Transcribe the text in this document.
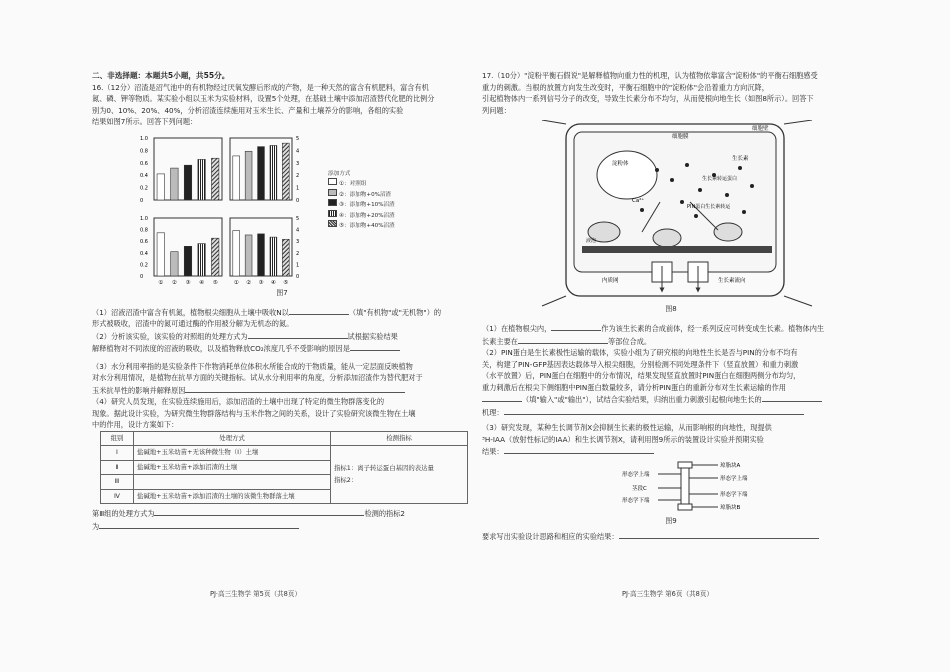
二、非选择题：本题共5小题，共55分。
16.（12分）沼渣是沼气池中的有机物经过厌氧发酵后形成的产物，是一种天然的富含有机肥料，富含有机
氮、磷、钾等物质。某实验小组以玉米为实验材料，设置5个处理，在基础土壤中添加沼渣替代化肥的比例分
别为0、10%、20%、40%，分析沼渣连续施用对玉米生长、产量和土壤养分的影响，各组的实验
结果如图7所示。回答下列问题：
1.0
0.8
0.6
0.4
0.2
0
5
4
3
2
1
0
1.0
0.8
0.6
0.4
0.2
0
5
4
3
2
1
0
① ② ③ ④ ⑤	① ② ③ ④ ⑤
添加方式
①：对照组
②：添加物+0%沼渣
③：添加物+10%沼渣
④：添加物+20%沼渣
⑤：添加物+40%沼渣
图7
（1）沼液沼渣中富含有机氮，植物根尖细胞从土壤中吸收N以	（填"有机物"或"无机物"）的
形式被吸收，沼渣中的氮可通过酶的作用被分解为无机态的氮。
（2）分析该实验，该实验的对照组的处理方式为	试根据实验结果
解释植物对不同浓度的沼液的吸收，以及植物释放CO₂浓度几乎不受影响的原因是
（3）水分利用率指的是实验条件下作物消耗单位体积水所能合成的干物质量，能从一定层面反映植物
对水分利用情况，是植物在抗旱方面的关键指标。试从水分利用率的角度，分析添加沼渣作为替代肥对于
玉米抗旱性的影响并解释原因
（4）研究人员发现，在实验连续施用后，添加沼渣的土壤中出现了特定的微生物群落变化的
现象。据此设计实验，为研究微生物群落结构与玉米作物之间的关系，设计了实验研究该微生物在土壤
中的作用，设计方案如下：
组别	处理方式	检测指标
Ⅰ	盐碱地+玉米幼苗+无该种微生物（I）土壤	指标1：离子转运蛋白基因的表达量
指标2：
Ⅱ	盐碱地+玉米幼苗+添加沼渣的土壤	
Ⅲ		
Ⅳ	盐碱地+玉米幼苗+添加沼渣的土壤的该微生物群落土壤	
第Ⅲ组的处理方式为	检测的指标2
为
PJ·高三生物学 第5页（共8页）
17.（10分）"淀粉平衡石假说"是解释植物向重力性的机理，认为植物依靠富含"淀粉体"的平衡石细胞感受
重力的刺激。当根的放置方向发生改变时，平衡石细胞中的"淀粉体"会沿着重力方向沉降，
引起植物体内一系列信号分子的改变，导致生长素分布不均匀，从而使根向地生长（如图8所示）。回答下
列问题：
细胞壁
细胞膜
淀粉体
生长素
Ca²⁺
生长素转运蛋白
PIN蛋白生长素转运
液泡
内质网	生长素流向
图8
（1）在植物根尖内，	作为该生长素的合成前体，经一系列反应可转变成生长素。植物体内生
长素主要在	等部位合成。
（2）PIN蛋白是生长素极性运输的载体，实验小组为了研究根的向地性生长是否与PIN的分布不均有
关，构建了PIN-GFP基因表达载体导入根尖细胞，分别检测不同处理条件下（竖直放置）和重力刺激
（水平放置）后，PIN蛋白在细胞中的分布情况，结果发现竖直放置时PIN蛋白在细胞两侧分布均匀，
重力刺激后在根尖下侧细胞中PIN蛋白数量较多，请分析PIN蛋白的重新分布对生长素运输的作用
（填"输入"或"输出"），试结合实验结果，归纳出重力刺激引起根向地生长的
机理：
（3）研究发现，某种生长调节剂X会抑制生长素的极性运输，从而影响根的向地性，现提供
³H-IAA（放射性标记的IAA）和生长调节剂X，请利用图9所示的装置设计实验并预期实验
结果：
琼脂块A
形态学上端
形态学下端
琼脂块B
形态学上端
茎段C
形态学下端
图9
要求写出实验设计思路和相应的实验结果：
PJ·高三生物学 第6页（共8页）
